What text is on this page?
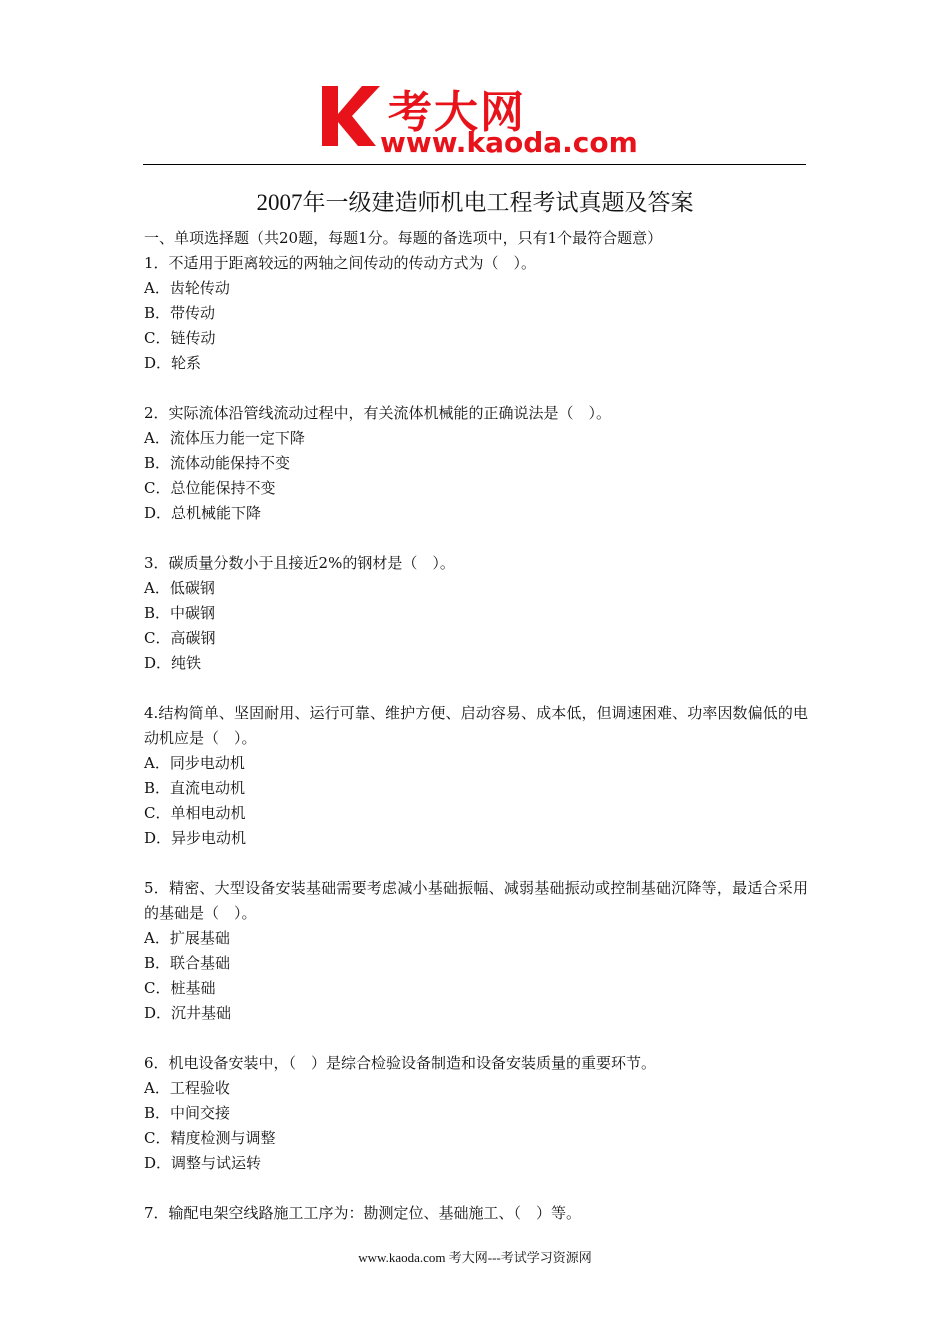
考大网
www.kaoda.com
2007年一级建造师机电工程考试真题及答案
一、单项选择题（共20题，每题1分。每题的备选项中，只有1个最符合题意）
1．不适用于距离较远的两轴之间传动的传动方式为（　）。
A．齿轮传动
B．带传动
C．链传动
D．轮系
2．实际流体沿管线流动过程中，有关流体机械能的正确说法是（　）。
A．流体压力能一定下降
B．流体动能保持不变
C．总位能保持不变
D．总机械能下降
3．碳质量分数小于且接近2%的钢材是（　）。
A．低碳钢
B．中碳钢
C．高碳钢
D．纯铁
4.结构简单、坚固耐用、运行可靠、维护方便、启动容易、成本低，但调速困难、功率因数偏低的电动机应是（　）。
A．同步电动机
B．直流电动机
C．单相电动机
D．异步电动机
5．精密、大型设备安装基础需要考虑减小基础振幅、减弱基础振动或控制基础沉降等，最适合采用的基础是（　）。
A．扩展基础
B．联合基础
C．桩基础
D．沉井基础
6．机电设备安装中，（　）是综合检验设备制造和设备安装质量的重要环节。
A．工程验收
B．中间交接
C．精度检测与调整
D．调整与试运转
7．输配电架空线路施工工序为：勘测定位、基础施工、（　）等。
www.kaoda.com 考大网---考试学习资源网
